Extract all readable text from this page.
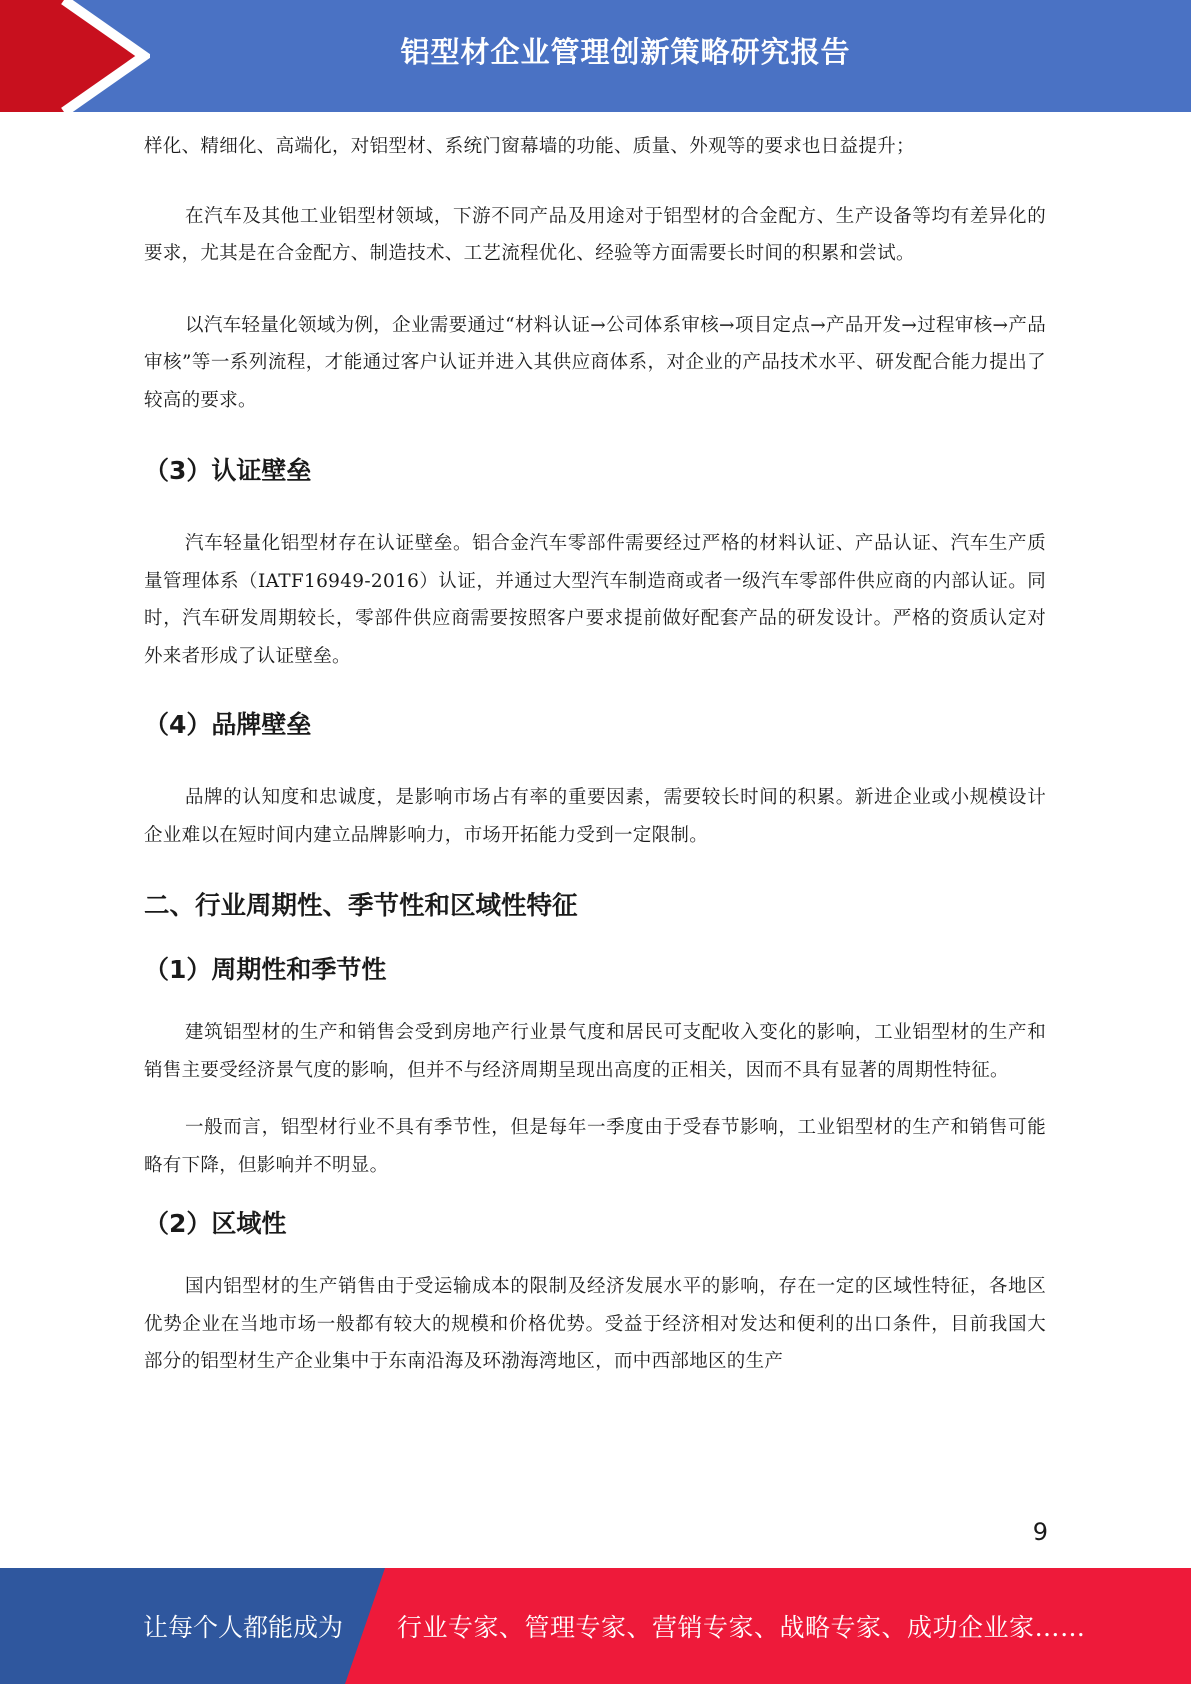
铝型材企业管理创新策略研究报告

样化、精细化、高端化，对铝型材、系统门窗幕墙的功能、质量、外观等的要求也日益提升；

在汽车及其他工业铝型材领域，下游不同产品及用途对于铝型材的合金配方、生产设备等均有差异化的要求，尤其是在合金配方、制造技术、工艺流程优化、经验等方面需要长时间的积累和尝试。

以汽车轻量化领域为例，企业需要通过“材料认证→公司体系审核→项目定点→产品开发→过程审核→产品审核”等一系列流程，才能通过客户认证并进入其供应商体系，对企业的产品技术水平、研发配合能力提出了较高的要求。

（3）认证壁垒

汽车轻量化铝型材存在认证壁垒。铝合金汽车零部件需要经过严格的材料认证、产品认证、汽车生产质量管理体系（IATF16949-2016）认证，并通过大型汽车制造商或者一级汽车零部件供应商的内部认证。同时，汽车研发周期较长，零部件供应商需要按照客户要求提前做好配套产品的研发设计。严格的资质认定对外来者形成了认证壁垒。

（4）品牌壁垒

品牌的认知度和忠诚度，是影响市场占有率的重要因素，需要较长时间的积累。新进企业或小规模设计企业难以在短时间内建立品牌影响力，市场开拓能力受到一定限制。

二、行业周期性、季节性和区域性特征
（1）周期性和季节性

建筑铝型材的生产和销售会受到房地产行业景气度和居民可支配收入变化的影响，工业铝型材的生产和销售主要受经济景气度的影响，但并不与经济周期呈现出高度的正相关，因而不具有显著的周期性特征。

一般而言，铝型材行业不具有季节性，但是每年一季度由于受春节影响，工业铝型材的生产和销售可能略有下降，但影响并不明显。

（2）区域性

国内铝型材的生产销售由于受运输成本的限制及经济发展水平的影响，存在一定的区域性特征，各地区优势企业在当地市场一般都有较大的规模和价格优势。受益于经济相对发达和便利的出口条件，目前我国大部分的铝型材生产企业集中于东南沿海及环渤海湾地区，而中西部地区的生产

9
让每个人都能成为 行业专家、管理专家、营销专家、战略专家、成功企业家……
